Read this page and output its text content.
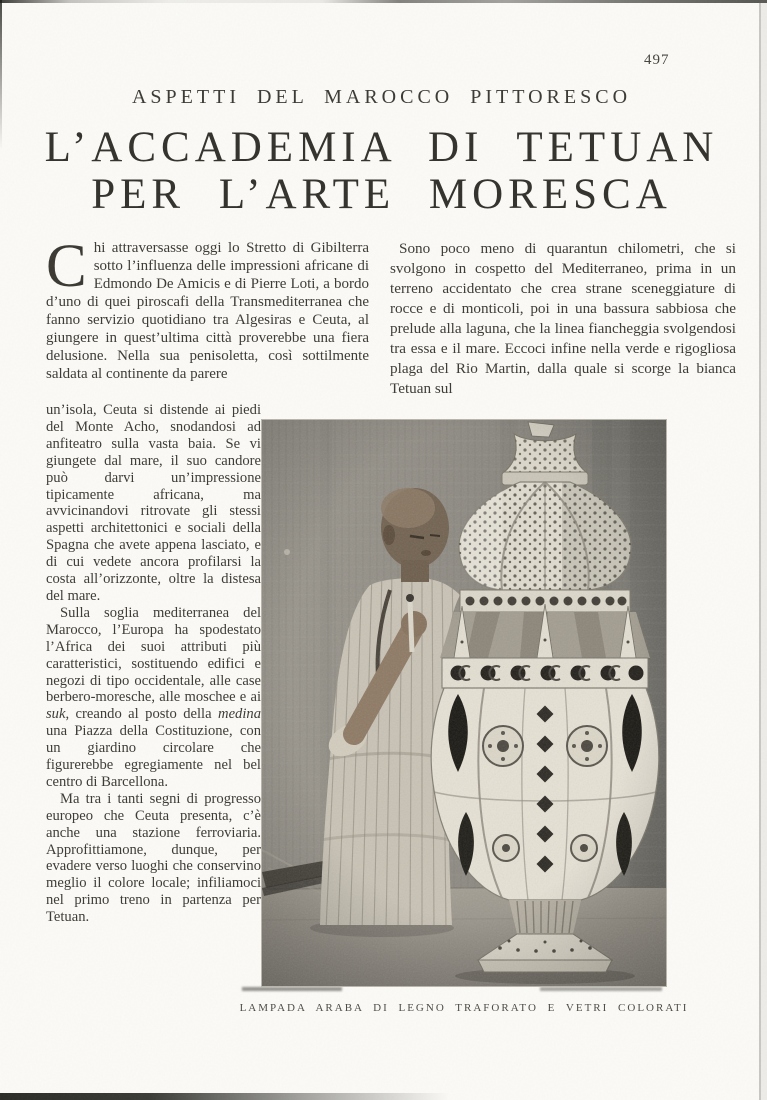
497
ASPETTI DEL MAROCCO PITTORESCO
L’ACCADEMIA DI TETUAN
PER L’ARTE MORESCA

Chi attraversasse oggi lo Stretto di Gibilterra sotto l’influenza delle impressioni africane di Edmondo De Amicis e di Pierre Loti, a bordo d’uno di quei piroscafi della Transmediterranea che fanno servizio quotidiano tra Algesiras e Ceuta, al giungere in quest’ultima città proverebbe una fiera delusione. Nella sua penisoletta, così sottilmente saldata al continente da parere

un’isola, Ceuta si distende ai piedi del Monte Acho, snodandosi ad anfiteatro sulla vasta baia. Se vi giungete dal mare, il suo candore può darvi un’impressione tipicamente africana, ma avvicinandovi ritrovate gli stessi aspetti architettonici e sociali della Spagna che avete appena lasciato, e di cui vedete ancora profilarsi la costa all’orizzonte, oltre la distesa del mare.

Sulla soglia mediterranea del Marocco, l’Europa ha spodestato l’Africa dei suoi attributi più caratteristici, sostituendo edifici e negozi di tipo occidentale, alle case berbero-moresche, alle moschee e ai suk, creando al posto della medina una Piazza della Costituzione, con un giardino circolare che figurerebbe egregiamente nel bel centro di Barcellona.

Ma tra i tanti segni di progresso europeo che Ceuta presenta, c’è anche una stazione ferroviaria. Approfittiamone, dunque, per evadere verso luoghi che conservino meglio il colore locale; infiliamoci nel primo treno in partenza per Tetuan.

Sono poco meno di quarantun chilometri, che si svolgono in cospetto del Mediterraneo, prima in un terreno accidentato che crea strane sceneggiature di rocce e di monticoli, poi in una bassura sabbiosa che prelude alla laguna, che la linea fiancheggia svolgendosi tra essa e il mare. Eccoci infine nella verde e rigogliosa plaga del Rio Martin, dalla quale si scorge la bianca Tetuan sul

LAMPADA ARABA DI LEGNO TRAFORATO E VETRI COLORATI
